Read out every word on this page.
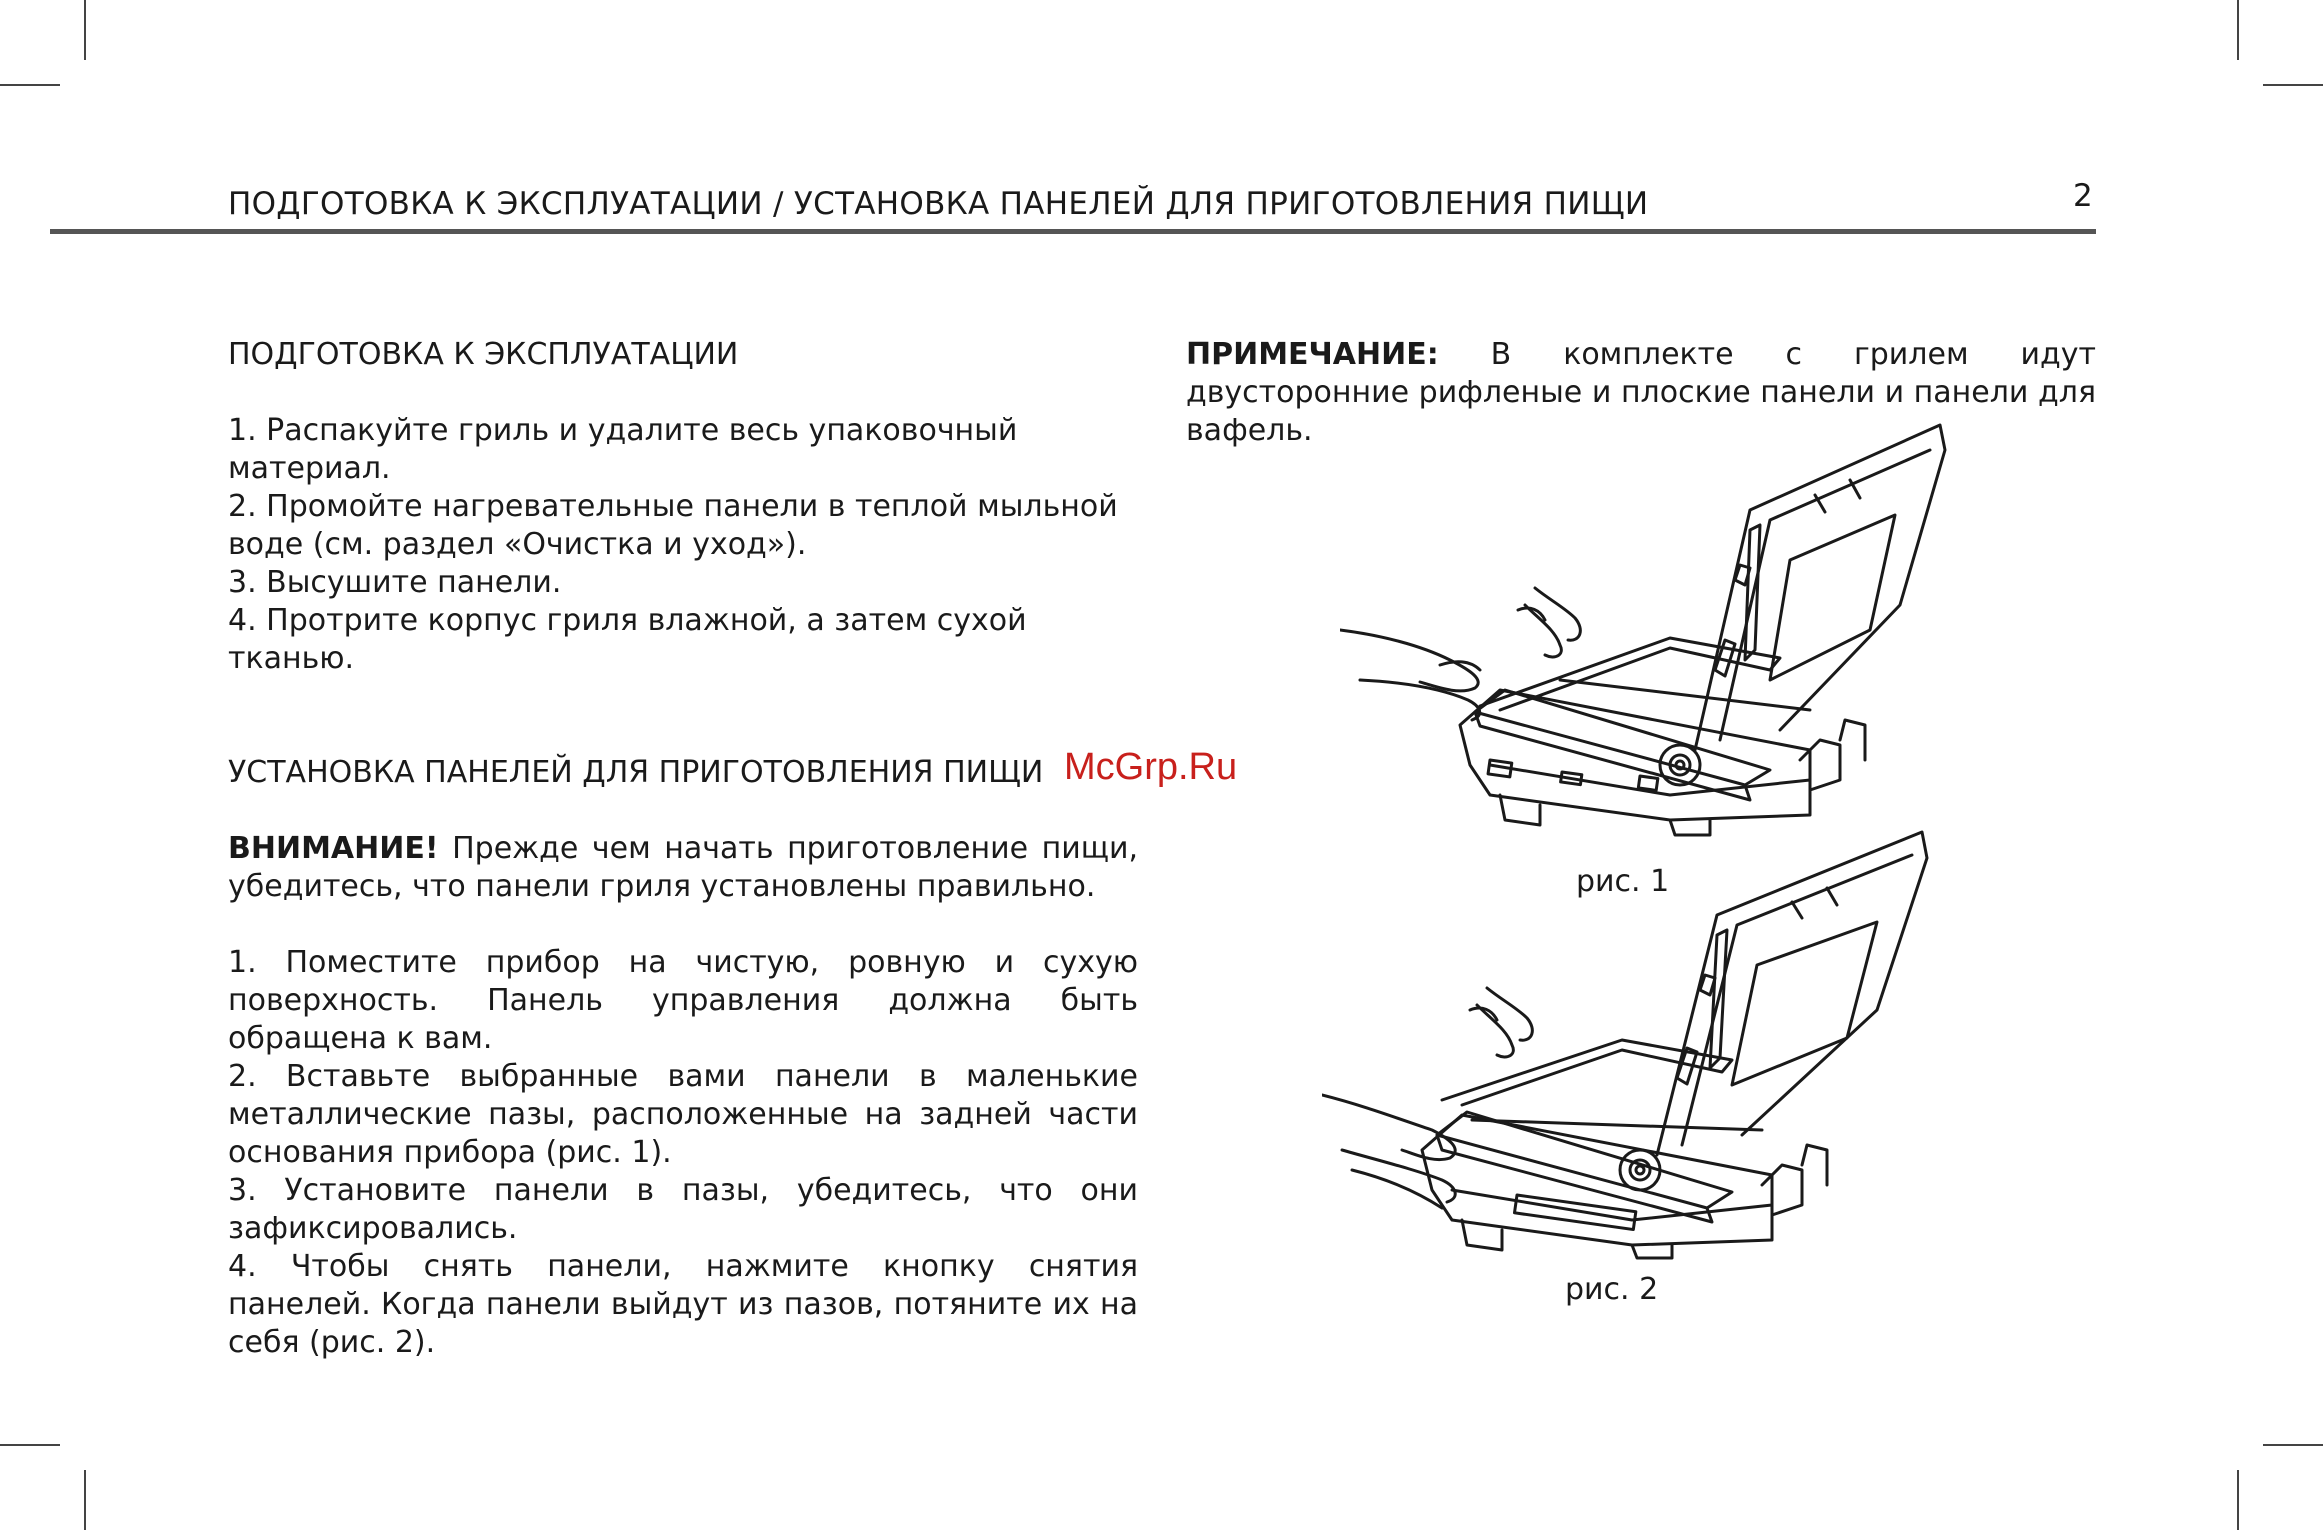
ПОДГОТОВКА К ЭКСПЛУАТАЦИИ / УСТАНОВКА ПАНЕЛЕЙ ДЛЯ ПРИГОТОВЛЕНИЯ ПИЩИ	2

ПОДГОТОВКА К ЭКСПЛУАТАЦИИ

1. Распакуйте гриль и удалите весь упаковочный материал.

2. Промойте нагревательные панели в теплой мыльной воде (см. раздел «Очистка и уход»).

3. Высушите панели.

4. Протрите корпус гриля влажной, а затем сухой тканью.

УСТАНОВКА ПАНЕЛЕЙ ДЛЯ ПРИГОТОВЛЕНИЯ ПИЩИ

ВНИМАНИЕ! Прежде чем начать приготовление пищи, убедитесь, что панели гриля установлены правильно.

1. Поместите прибор на чистую, ровную и сухую поверхность. Панель управления должна быть обращена к вам.

2. Вставьте выбранные вами панели в маленькие металлические пазы, расположенные на задней части основания прибора (рис. 1).

3. Установите панели в пазы, убедитесь, что они зафиксировались.

4. Чтобы снять панели, нажмите кнопку снятия панелей. Когда панели выйдут из пазов, потяните их на себя (рис. 2).

ПРИМЕЧАНИЕ: В комплекте с грилем идут двусторонние рифленые и плоские панели и панели для вафель.

рис. 1
рис. 2
McGrp.Ru
